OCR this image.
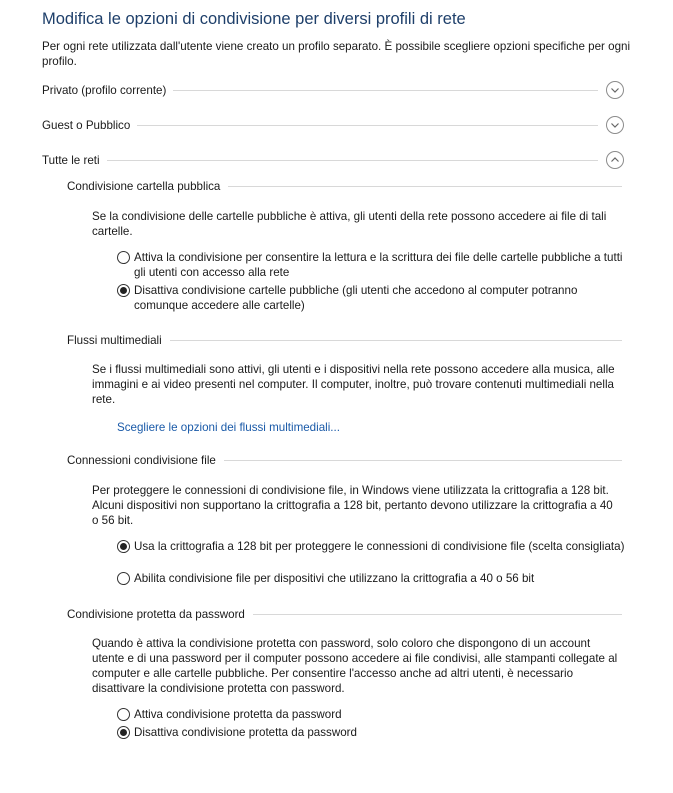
Modifica le opzioni di condivisione per diversi profili di rete
Per ogni rete utilizzata dall'utente viene creato un profilo separato. È possibile scegliere opzioni specifiche per ogni profilo.
Privato (profilo corrente)
Guest o Pubblico
Tutte le reti
Condivisione cartella pubblica
Se la condivisione delle cartelle pubbliche è attiva, gli utenti della rete possono accedere ai file di tali cartelle.
Attiva la condivisione per consentire la lettura e la scrittura dei file delle cartelle pubbliche a tutti gli utenti con accesso alla rete
Disattiva condivisione cartelle pubbliche (gli utenti che accedono al computer potranno comunque accedere alle cartelle)
Flussi multimediali
Se i flussi multimediali sono attivi, gli utenti e i dispositivi nella rete possono accedere alla musica, alle immagini e ai video presenti nel computer. Il computer, inoltre, può trovare contenuti multimediali nella rete.
Scegliere le opzioni dei flussi multimediali...
Connessioni condivisione file
Per proteggere le connessioni di condivisione file, in Windows viene utilizzata la crittografia a 128 bit. Alcuni dispositivi non supportano la crittografia a 128 bit, pertanto devono utilizzare la crittografia a 40 o 56 bit.
Usa la crittografia a 128 bit per proteggere le connessioni di condivisione file (scelta consigliata)
Abilita condivisione file per dispositivi che utilizzano la crittografia a 40 o 56 bit
Condivisione protetta da password
Quando è attiva la condivisione protetta con password, solo coloro che dispongono di un account utente e di una password per il computer possono accedere ai file condivisi, alle stampanti collegate al computer e alle cartelle pubbliche. Per consentire l'accesso anche ad altri utenti, è necessario disattivare la condivisione protetta con password.
Attiva condivisione protetta da password
Disattiva condivisione protetta da password
